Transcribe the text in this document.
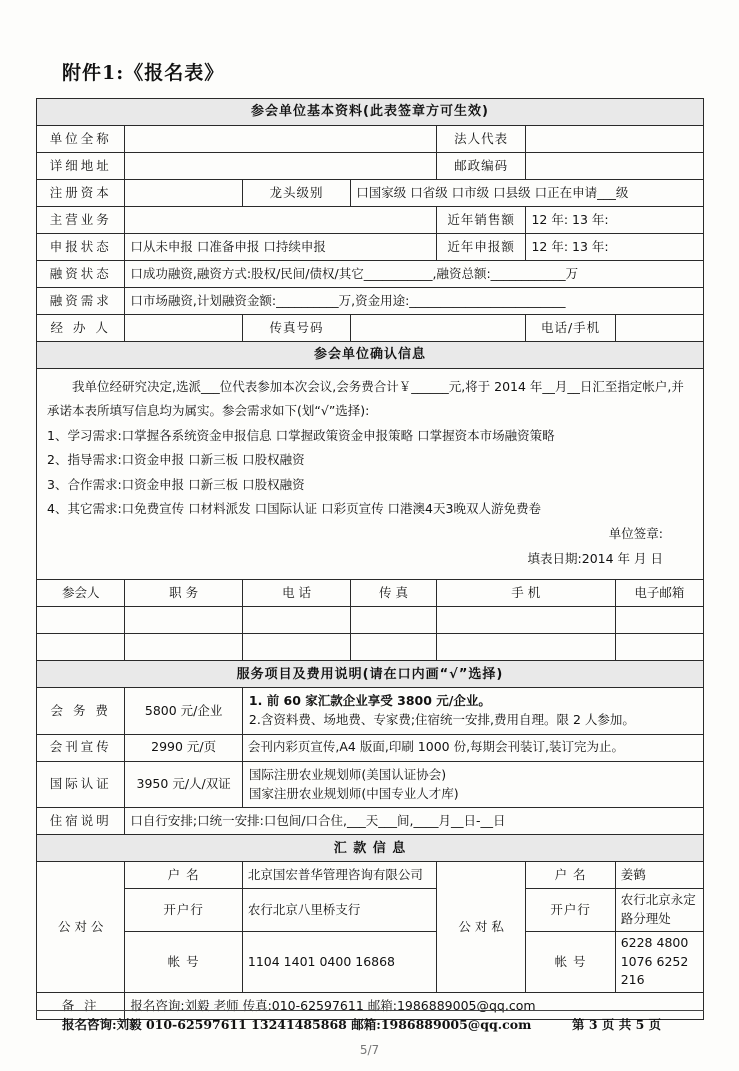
附件1:《报名表》
参会单位基本资料(此表签章方可生效)						
单位全称				法人代表		
详细地址				邮政编码		
注册资本		龙头级别	口国家级 口省级 口市级 口县级 口正在申请___级			
主营业务				近年销售额	12 年: 13 年:	
申报状态	口从未申报 口准备申报 口持续申报			近年申报额	12 年: 13 年:	
融资状态	口成功融资,融资方式:股权/民间/债权/其它___________,融资总额:____________万					
融资需求	口市场融资,计划融资金额:__________万,资金用途:_________________________					
经 办 人		传真号码			电话/手机	
参会单位确认信息						

我单位经研究决定,选派___位代表参加本次会议,会务费合计￥______元,将于 2014 年__月__日汇至指定帐户,并承诺本表所填写信息均为属实。参会需求如下(划“√”选择):
1、学习需求:口掌握各系统资金申报信息 口掌握政策资金申报策略 口掌握资本市场融资策略
2、指导需求:口资金申报 口新三板 口股权融资
3、合作需求:口资金申报 口新三板 口股权融资
4、其它需求:口免费宣传 口材料派发 口国际认证 口彩页宣传 口港澳4天3晚双人游免费卷
单位签章:
填表日期:2014 年 月 日

参会人	职 务	电 话	传 真	手 机		电子邮箱

服务项目及费用说明(请在口内画“√”选择)						
会 务 费	5800 元/企业	1. 前 60 家汇款企业享受 3800 元/企业。
2.含资料费、场地费、专家费;住宿统一安排,费用自理。限 2 人参加。				

会刊宣传	2990 元/页	会刊内彩页宣传,A4 版面,印刷 1000 份,每期会刊装订,装订完为止。				
国际认证	3950 元/人/双证	国际注册农业规划师(美国认证协会)
国家注册农业规划师(中国专业人才库)				

住宿说明	口自行安排;口统一安排:口包间/口合住,___天___间,____月__日-__日					
汇 款 信 息						
公 对 公	户 名	北京国宏普华管理咨询有限公司		公 对 私	户 名	姜鹤
	开户行	农行北京八里桥支行			开户行	农行北京永定路分理处
	帐 号	1104 1401 0400 16868			帐 号	6228 4800 1076 6252 216
备 注	报名咨询:刘毅 老师 传真:010-62597611 邮箱:1986889005@qq.com					
报名咨询:刘毅 010-62597611 13241485868 邮箱:1986889005@qq.com	第 3 页 共 5 页
5/7
